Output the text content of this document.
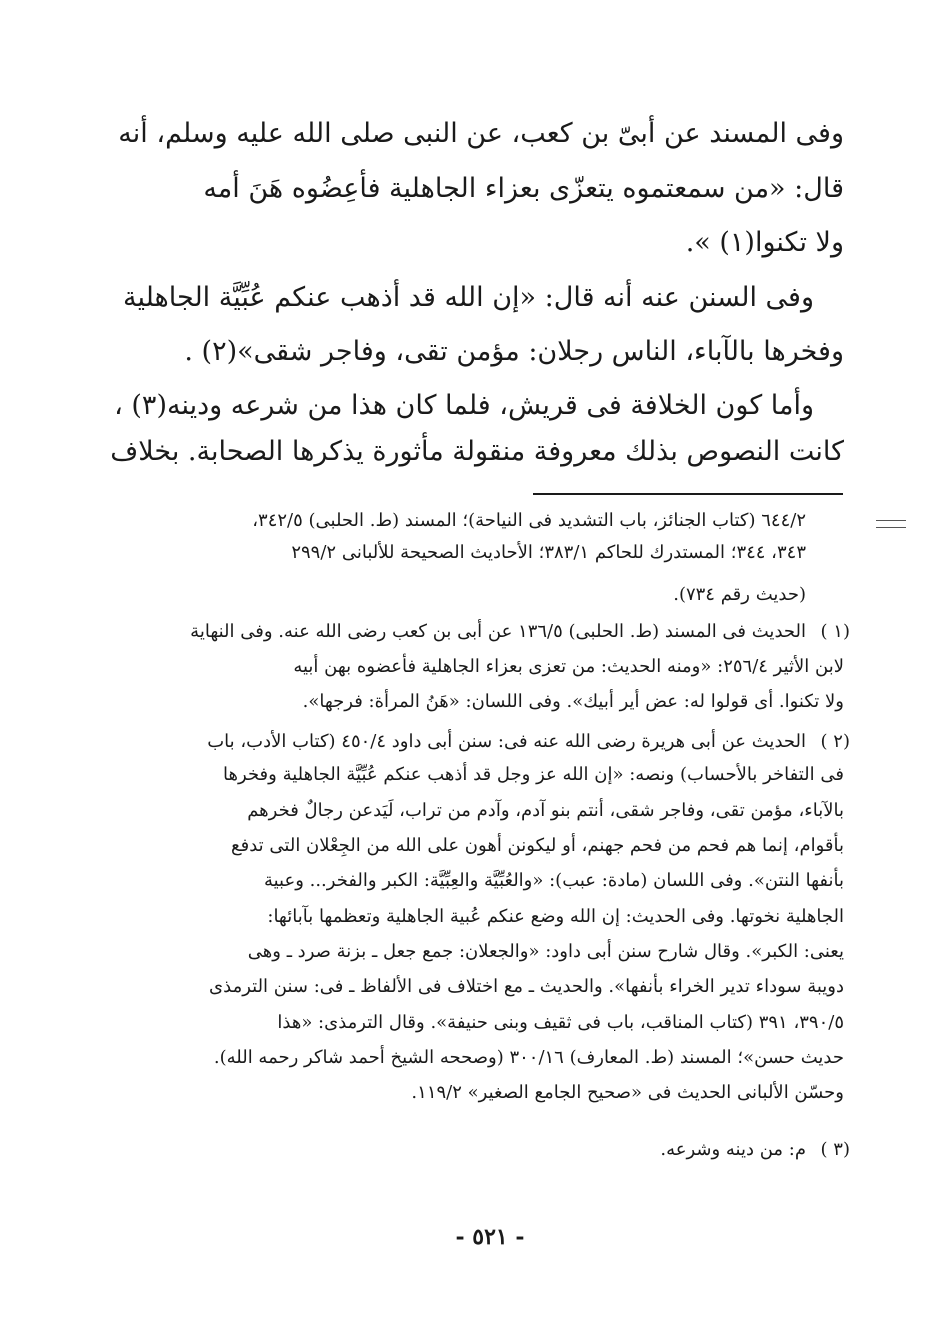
وفى المسند عن أبىّ بن كعب، عن النبى صلى الله عليه وسلم، أنه
قال: «من سمعتموه يتعزّى بعزاء الجاهلية فأعِضُوه هَنَ أمه
ولا تكنوا(١) ».
وفى السنن عنه أنه قال: «إن الله قد أذهب عنكم عُبِّيَّة الجاهلية
وفخرها بالآباء، الناس رجلان: مؤمن تقى، وفاجر شقى»(٢) .
وأما كون الخلافة فى قريش، فلما كان هذا من شرعه ودينه(٣) ،
كانت النصوص بذلك معروفة منقولة مأثورة يذكرها الصحابة. بخلاف
٦٤٤/٢ (كتاب الجنائز، باب التشديد فى النياحة)؛ المسند (ط. الحلبى) ٣٤٢/٥،
٣٤٣، ٣٤٤؛ المستدرك للحاكم ٣٨٣/١؛ الأحاديث الصحيحة للألبانى ٢٩٩/٢
(حديث رقم ٧٣٤).
(١ )
الحديث فى المسند (ط. الحلبى) ١٣٦/٥ عن أبى بن كعب رضى الله عنه. وفى النهاية
لابن الأثير ٢٥٦/٤: «ومنه الحديث: من تعزى بعزاء الجاهلية فأعضوه بهن أبيه
ولا تكنوا. أى قولوا له: عض أير أبيك». وفى اللسان: «هَنُ المرأة: فرجها».
(٢ )
الحديث عن أبى هريرة رضى الله عنه فى: سنن أبى داود ٤٥٠/٤ (كتاب الأدب، باب
فى التفاخر بالأحساب) ونصه: «إن الله عز وجل قد أذهب عنكم عُبِّيَّة الجاهلية وفخرها
بالآباء، مؤمن تقى، وفاجر شقى، أنتم بنو آدم، وآدم من تراب، لَيَدعن رجالٌ فخرهم
بأقوام، إنما هم فحم من فحم جهنم، أو ليكونن أهون على الله من الجِعْلان التى تدفع
بأنفها النتن». وفى اللسان (مادة: عبب): «والعُبِّيَّة والعِبِّيَّة: الكبر والفخر... وعبية
الجاهلية نخوتها. وفى الحديث: إن الله وضع عنكم عُبية الجاهلية وتعظمها بآبائها:
يعنى: الكبر». وقال شارح سنن أبى داود: «والجعلان: جمع جعل ـ بزنة صرد ـ وهى
دويبة سوداء تدير الخراء بأنفها». والحديث ـ مع اختلاف فى الألفاظ ـ فى: سنن الترمذى
٣٩٠/٥، ٣٩١ (كتاب المناقب، باب فى ثقيف وبنى حنيفة». وقال الترمذى: «هذا
حديث حسن»؛ المسند (ط. المعارف) ٣٠٠/١٦ (وصححه الشيخ أحمد شاكر رحمه الله).
وحسّن الألبانى الحديث فى «صحيح الجامع الصغير» ١١٩/٢.
(٣ )
م: من دينه وشرعه.
- ٥٢١ -
